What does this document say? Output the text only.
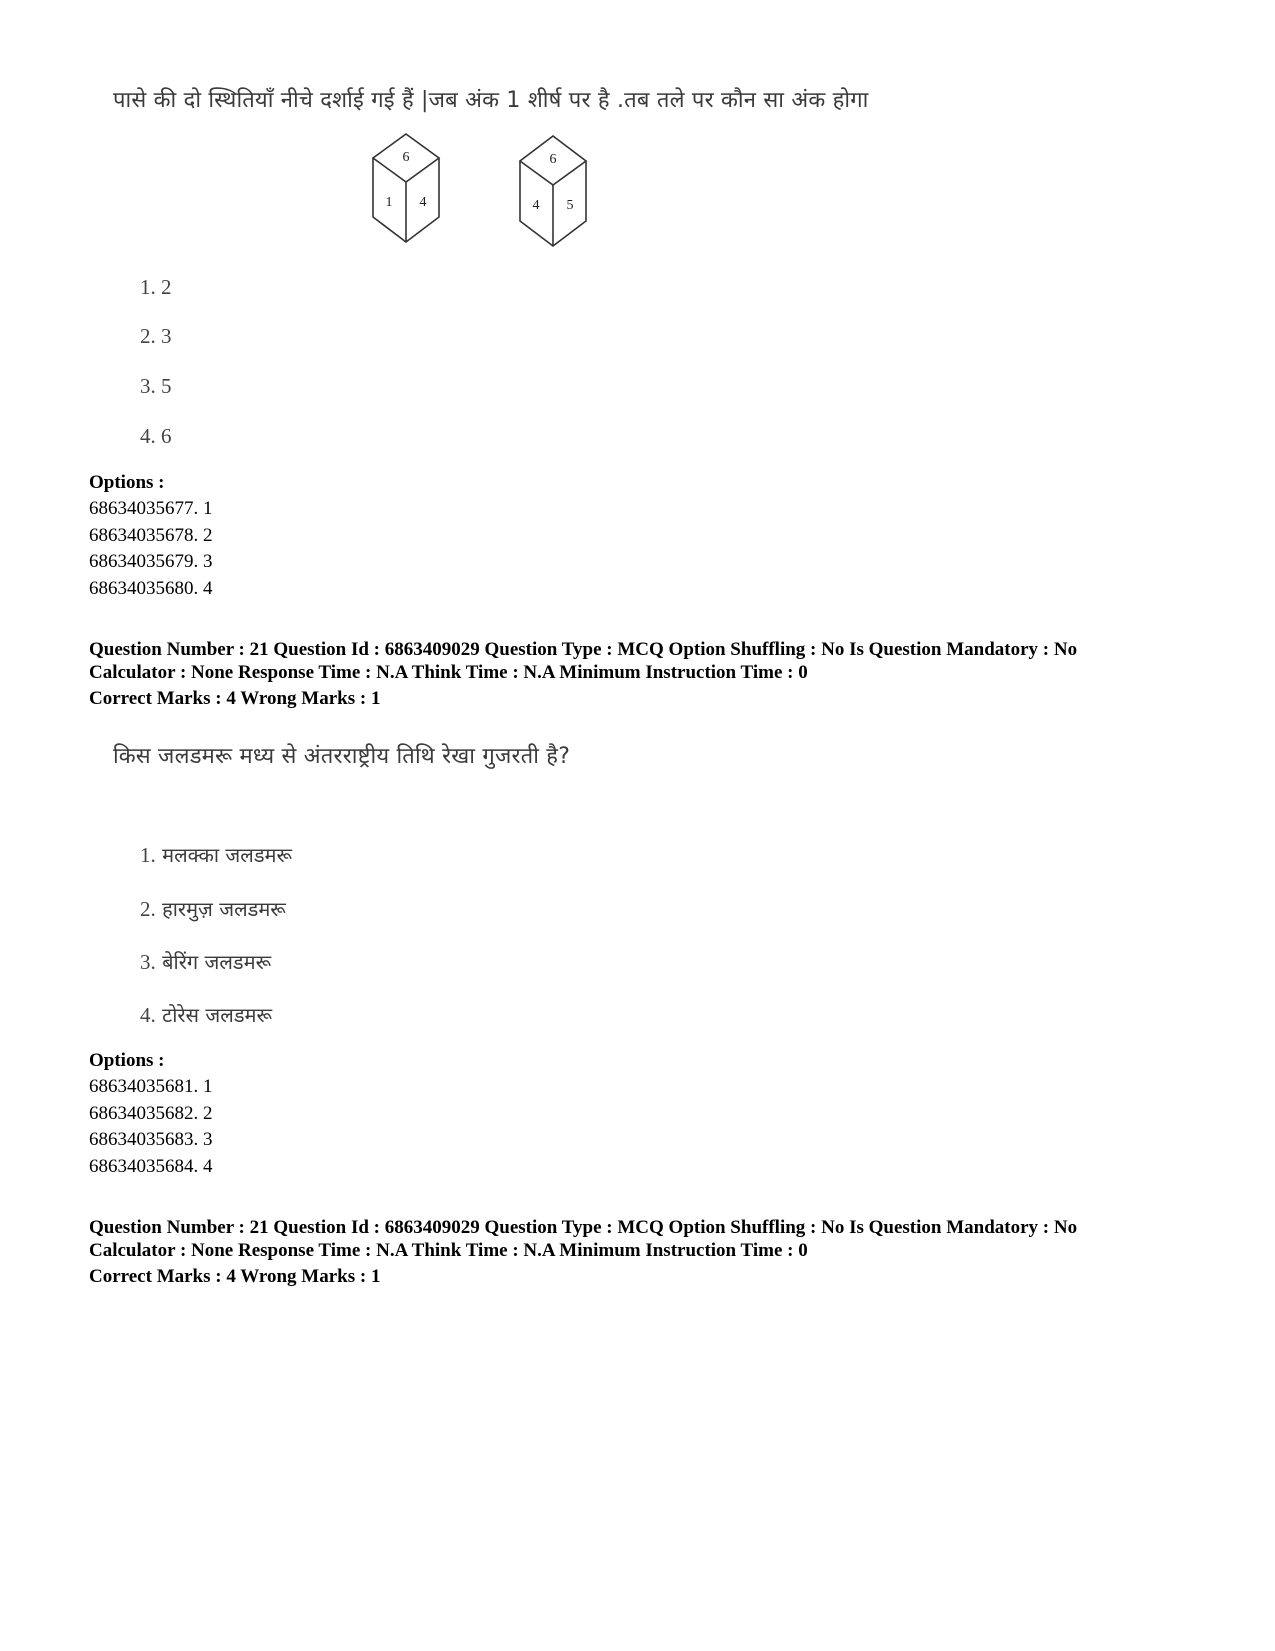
पासे की दो स्थितियाँ नीचे दर्शाई गई हैं |जब अंक 1 शीर्ष पर है .तब तले पर कौन सा अंक होगा
6
1 4
6
4 5
1. 2
2. 3
3. 5
4. 6
Options :
68634035677. 1
68634035678. 2
68634035679. 3
68634035680. 4
Question Number : 21 Question Id : 6863409029 Question Type : MCQ Option Shuffling : No Is Question Mandatory : No
Calculator : None Response Time : N.A Think Time : N.A Minimum Instruction Time : 0
Correct Marks : 4 Wrong Marks : 1
किस जलडमरू मध्य से अंतरराष्ट्रीय तिथि रेखा गुजरती है?
1. मलक्का जलडमरू
2. हारमुज़ जलडमरू
3. बेरिंग जलडमरू
4. टोरेस जलडमरू
Options :
68634035681. 1
68634035682. 2
68634035683. 3
68634035684. 4
Question Number : 21 Question Id : 6863409029 Question Type : MCQ Option Shuffling : No Is Question Mandatory : No
Calculator : None Response Time : N.A Think Time : N.A Minimum Instruction Time : 0
Correct Marks : 4 Wrong Marks : 1
